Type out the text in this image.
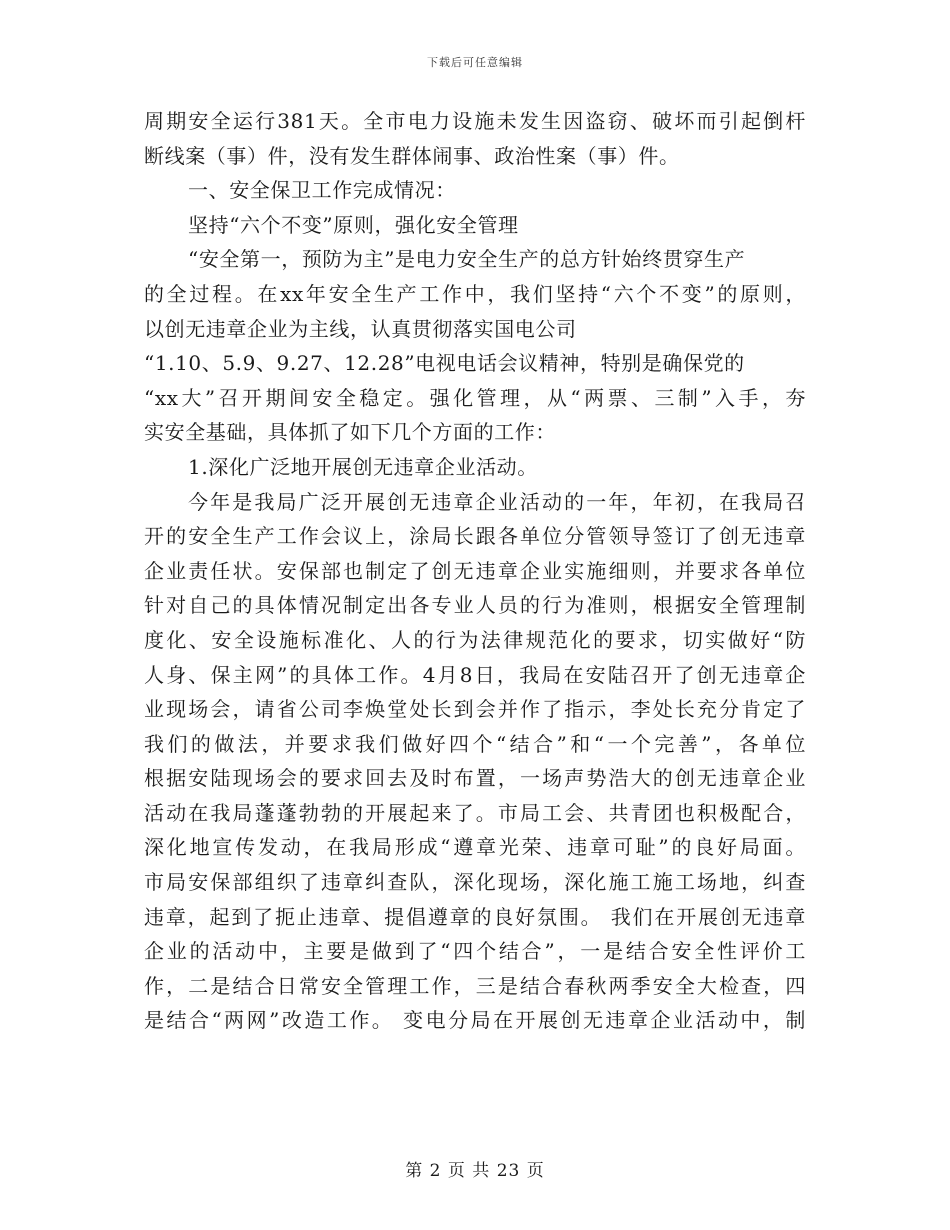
下载后可任意编辑
周期安全运行381天。全市电力设施未发生因盗窃、破坏而引起倒杆
断线案（事）件，没有发生群体闹事、政治性案（事）件。
一、安全保卫工作完成情况：
坚持“六个不变”原则，强化安全管理
“安全第一，预防为主”是电力安全生产的总方针始终贯穿生产
的全过程。在xx年安全生产工作中，我们坚持“六个不变”的原则，
以创无违章企业为主线，认真贯彻落实国电公司
“1.10、5.9、9.27、12.28”电视电话会议精神，特别是确保党的
“xx大”召开期间安全稳定。强化管理，从“两票、三制”入手，夯
实安全基础，具体抓了如下几个方面的工作：
1.深化广泛地开展创无违章企业活动。
今年是我局广泛开展创无违章企业活动的一年，年初，在我局召
开的安全生产工作会议上，涂局长跟各单位分管领导签订了创无违章
企业责任状。安保部也制定了创无违章企业实施细则，并要求各单位
针对自己的具体情况制定出各专业人员的行为准则，根据安全管理制
度化、安全设施标准化、人的行为法律规范化的要求，切实做好“防
人身、保主网”的具体工作。4月8日，我局在安陆召开了创无违章企
业现场会，请省公司李焕堂处长到会并作了指示，李处长充分肯定了
我们的做法，并要求我们做好四个“结合”和“一个完善”，各单位
根据安陆现场会的要求回去及时布置，一场声势浩大的创无违章企业
活动在我局蓬蓬勃勃的开展起来了。市局工会、共青团也积极配合，
深化地宣传发动，在我局形成“遵章光荣、违章可耻”的良好局面。
市局安保部组织了违章纠查队，深化现场，深化施工施工场地，纠查
违章，起到了扼止违章、提倡遵章的良好氛围。 我们在开展创无违章
企业的活动中，主要是做到了“四个结合”，一是结合安全性评价工
作，二是结合日常安全管理工作，三是结合春秋两季安全大检查，四
是结合“两网”改造工作。 变电分局在开展创无违章企业活动中，制
第 2 页 共 23 页
